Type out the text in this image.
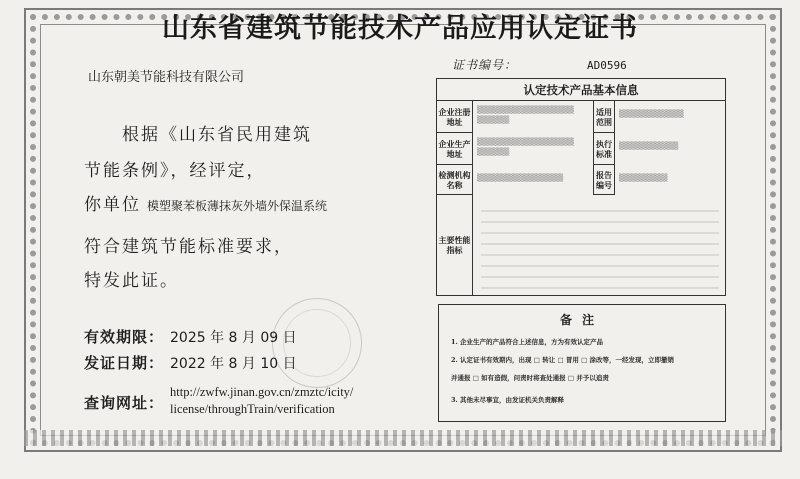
山东省建筑节能技术产品应用认定证书
山东朝美节能科技有限公司
根据《山东省民用建筑
节能条例》，经评定，
你单位 模塑聚苯板薄抹灰外墙外保温系统
符合建筑节能标准要求，
特发此证。
有效期限： 2025 年 8 月 09 日
发证日期： 2022 年 8 月 10 日
查询网址：
http://zwfw.jinan.gov.cn/zmztc/icity/
license/throughTrain/verification
证书编号：	AD0596
认定技术产品基本信息
企业注册地址
▒▒▒▒▒▒▒▒▒▒▒▒▒▒▒▒▒▒ ▒▒▒▒▒▒
适用范围
▒▒▒▒▒▒▒▒▒▒▒▒
企业生产地址
▒▒▒▒▒▒▒▒▒▒▒▒▒▒▒▒▒▒ ▒▒▒▒▒▒
执行标准
▒▒▒▒▒▒▒▒▒▒▒
检测机构名称
▒▒▒▒▒▒▒▒▒▒▒▒▒▒▒▒	报告编号
▒▒▒▒▒▒▒▒▒
主要性能指标
备注
1. 企业生产的产品符合上述信息，方为有效认定产品
2. 认定证书有效期内，出现 □ 转让 □ 冒用 □ 涂改等，一经发现，立即撤销
并通报 □ 如有造假，问责时将查处通报 □ 并予以追责
3. 其他未尽事宜，由发证机关负责解释
